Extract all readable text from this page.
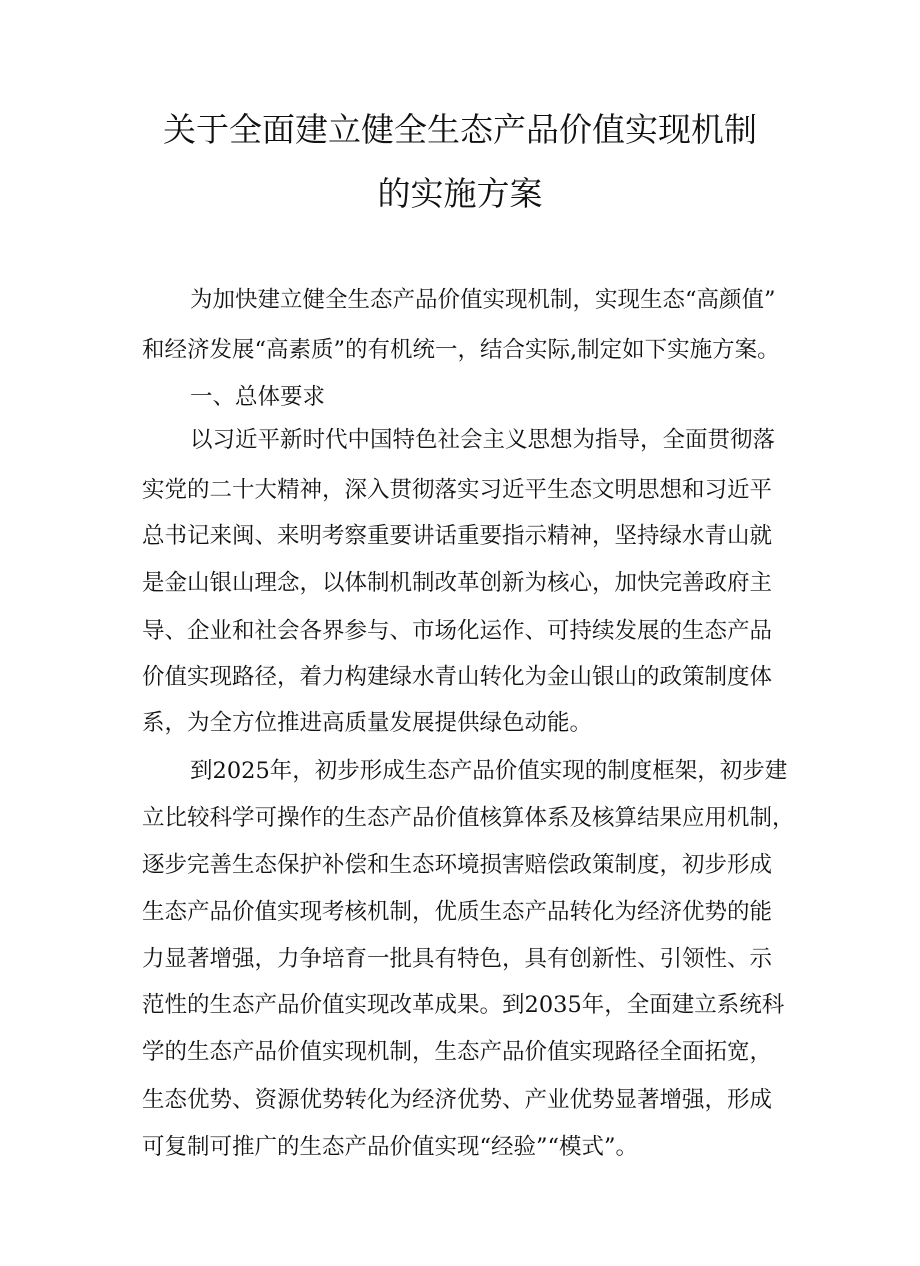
关于全面建立健全生态产品价值实现机制
的实施方案
为加快建立健全生态产品价值实现机制，实现生态“高颜值”
和经济发展“高素质”的有机统一，结合实际,制定如下实施方案。
一、总体要求
以习近平新时代中国特色社会主义思想为指导，全面贯彻落
实党的二十大精神，深入贯彻落实习近平生态文明思想和习近平
总书记来闽、来明考察重要讲话重要指示精神，坚持绿水青山就
是金山银山理念，以体制机制改革创新为核心，加快完善政府主
导、企业和社会各界参与、市场化运作、可持续发展的生态产品
价值实现路径，着力构建绿水青山转化为金山银山的政策制度体
系，为全方位推进高质量发展提供绿色动能。
到2025年，初步形成生态产品价值实现的制度框架，初步建
立比较科学可操作的生态产品价值核算体系及核算结果应用机制，
逐步完善生态保护补偿和生态环境损害赔偿政策制度，初步形成
生态产品价值实现考核机制，优质生态产品转化为经济优势的能
力显著增强，力争培育一批具有特色，具有创新性、引领性、示
范性的生态产品价值实现改革成果。到2035年，全面建立系统科
学的生态产品价值实现机制，生态产品价值实现路径全面拓宽，
生态优势、资源优势转化为经济优势、产业优势显著增强，形成
可复制可推广的生态产品价值实现“经验”“模式”。
